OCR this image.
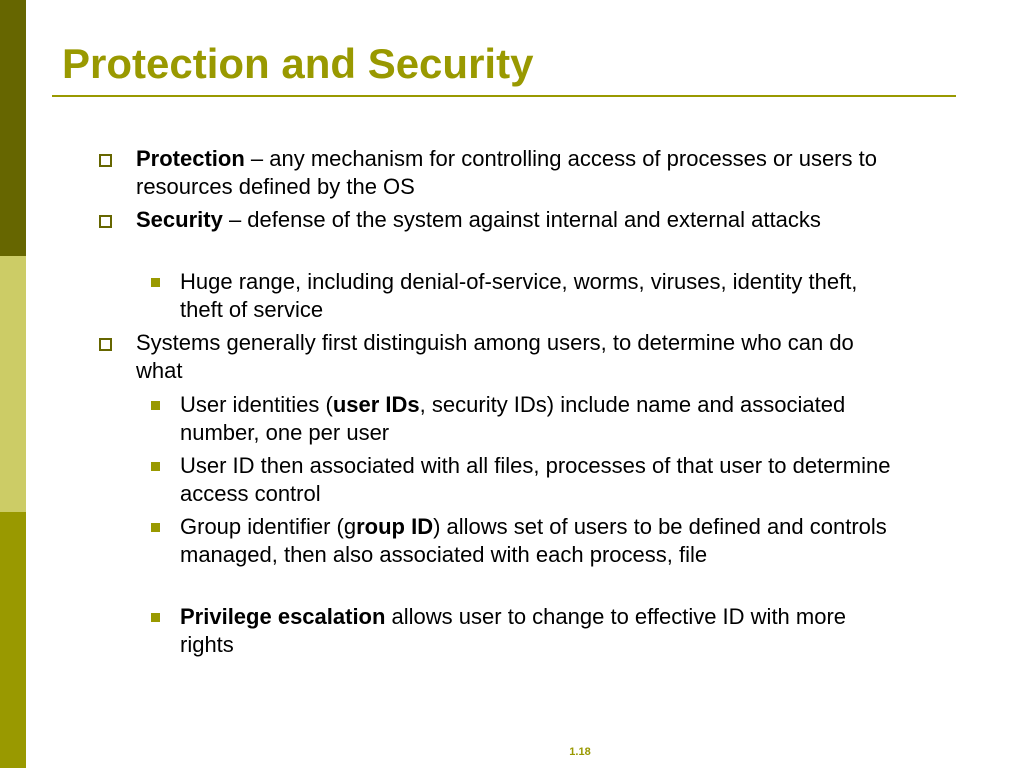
Protection and Security
Protection – any mechanism for controlling access of processes or users to resources defined by the OS
Security – defense of the system against internal and external attacks
Huge range, including denial-of-service, worms, viruses, identity theft, theft of service
Systems generally first distinguish among users, to determine who can do what
User identities (user IDs, security IDs) include name and associated number, one per user
User ID then associated with all files, processes of that user to determine access control
Group identifier (group ID) allows set of users to be defined and controls managed, then also associated with each process, file
Privilege escalation allows user to change to effective ID with more rights
1.18
